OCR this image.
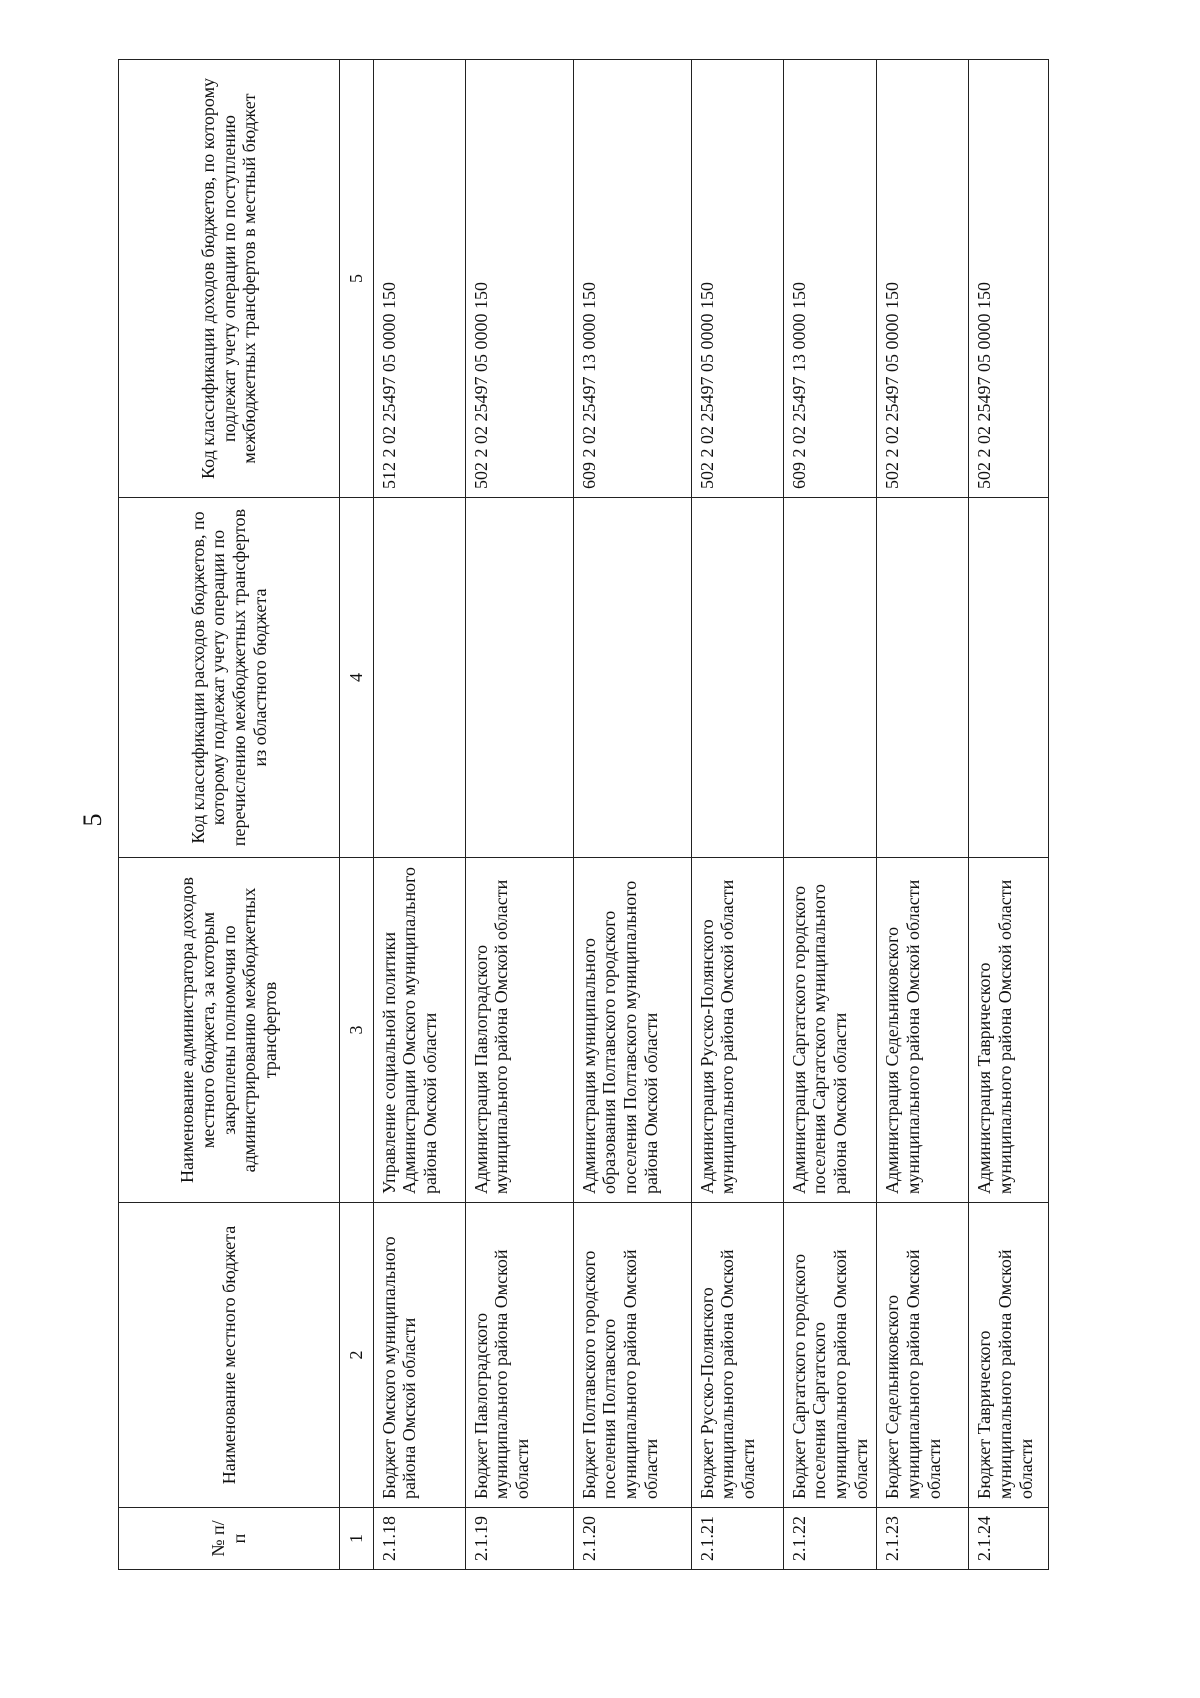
5
№ п/п	Наименование местного бюджета	Наименование администратора доходов местного бюджета, за которым закреплены полномочия по администрированию межбюджетных трансфертов	Код классификации расходов бюджетов, по которому подлежат учету операции по перечислению межбюджетных трансфертов из областного бюджета	Код классификации доходов бюджетов, по которому подлежат учету операции по поступлению межбюджетных трансфертов в местный бюджет
1	2	3	4	5
2.1.18	Бюджет Омского муниципального района Омской области	Управление социальной политики Администрации Омского муниципального района Омской области		512 2 02 25497 05 0000 150
2.1.19	Бюджет Павлоградского муниципального района Омской области	Администрация Павлоградского муниципального района Омской области		502 2 02 25497 05 0000 150
2.1.20	Бюджет Полтавского городского поселения Полтавского муниципального района Омской области	Администрация муниципального образования Полтавского городского поселения Полтавского муниципального района Омской области		609 2 02 25497 13 0000 150
2.1.21	Бюджет Русско-Полянского муниципального района Омской области	Администрация Русско-Полянского муниципального района Омской области		502 2 02 25497 05 0000 150
2.1.22	Бюджет Саргатского городского поселения Саргатского муниципального района Омской области	Администрация Саргатского городского поселения Саргатского муниципального района Омской области		609 2 02 25497 13 0000 150
2.1.23	Бюджет Седельниковского муниципального района Омской области	Администрация Седельниковского муниципального района Омской области		502 2 02 25497 05 0000 150
2.1.24	Бюджет Таврического муниципального района Омской области	Администрация Таврического муниципального района Омской области		502 2 02 25497 05 0000 150
